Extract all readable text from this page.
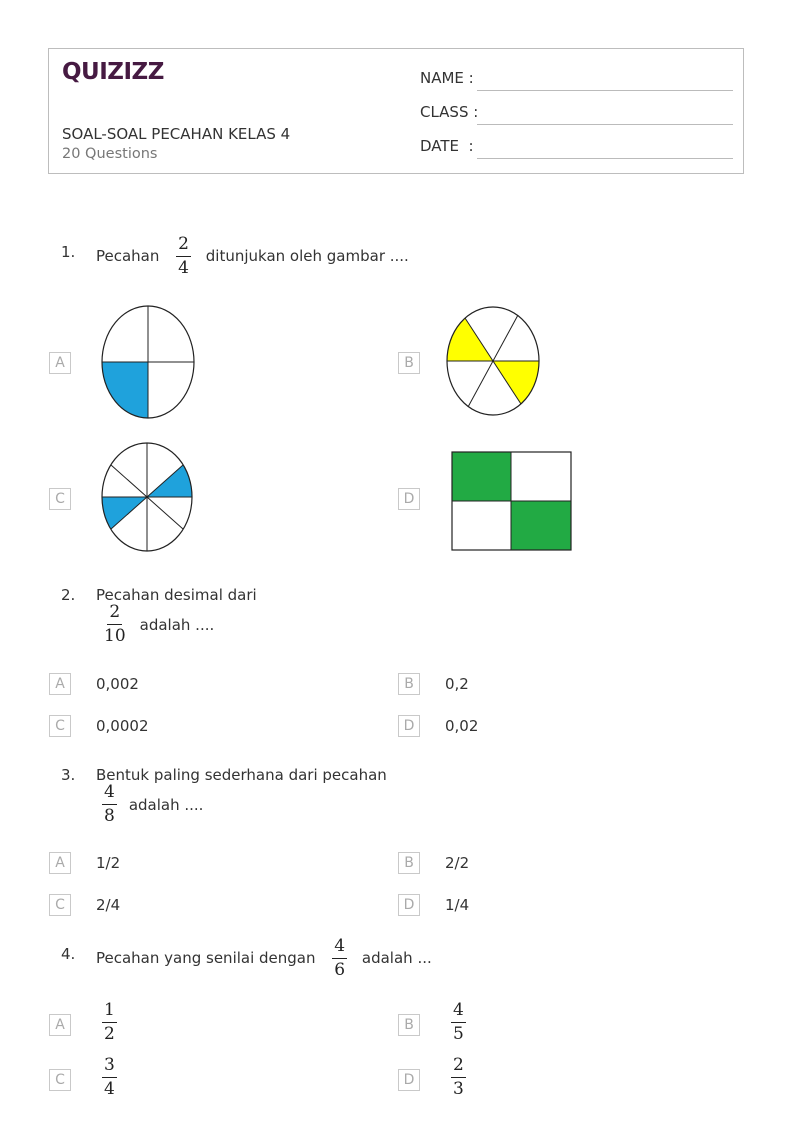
QUIZIZZ
SOAL-SOAL PECAHAN KELAS 4
20 Questions
NAME :
CLASS :
DATE  :
1. Pecahan $\frac{2}{4}$ ditunjukan oleh gambar ....
A	B
C	D
2. Pecahan desimal dari
$\frac{2}{10}$ adalah ....
A	0,002	B	0,2
C	0,0002	D	0,02
3. Bentuk paling sederhana dari pecahan
$\frac{4}{8}$ adalah ....
A	1/2	B	2/2
C	2/4	D	1/4
4. Pecahan yang senilai dengan $\frac{4}{6}$ adalah ...
A	$\frac{1}{2}$	B	$\frac{4}{5}$
C	$\frac{3}{4}$	D	$\frac{2}{3}$
